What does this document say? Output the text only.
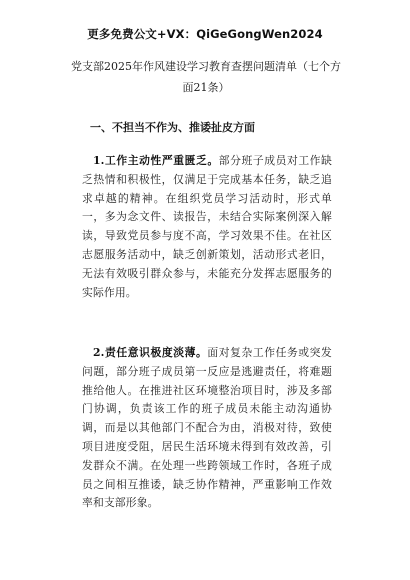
更多免费公文+VX：QiGeGongWen2024
党支部2025年作风建设学习教育查摆问题清单（七个方面21条）
一、不担当不作为、推诿扯皮方面
1.工作主动性严重匮乏。部分班子成员对工作缺乏热情和积极性，仅满足于完成基本任务，缺乏追求卓越的精神。在组织党员学习活动时，形式单一，多为念文件、读报告，未结合实际案例深入解读，导致党员参与度不高，学习效果不佳。在社区志愿服务活动中，缺乏创新策划，活动形式老旧，无法有效吸引群众参与，未能充分发挥志愿服务的实际作用。
2.责任意识极度淡薄。面对复杂工作任务或突发问题，部分班子成员第一反应是逃避责任，将难题推给他人。在推进社区环境整治项目时，涉及多部门协调，负责该工作的班子成员未能主动沟通协调，而是以其他部门不配合为由，消极对待，致使项目进度受阻，居民生活环境未得到有效改善，引发群众不满。在处理一些跨领域工作时，各班子成员之间相互推诿，缺乏协作精神，严重影响工作效率和支部形象。
